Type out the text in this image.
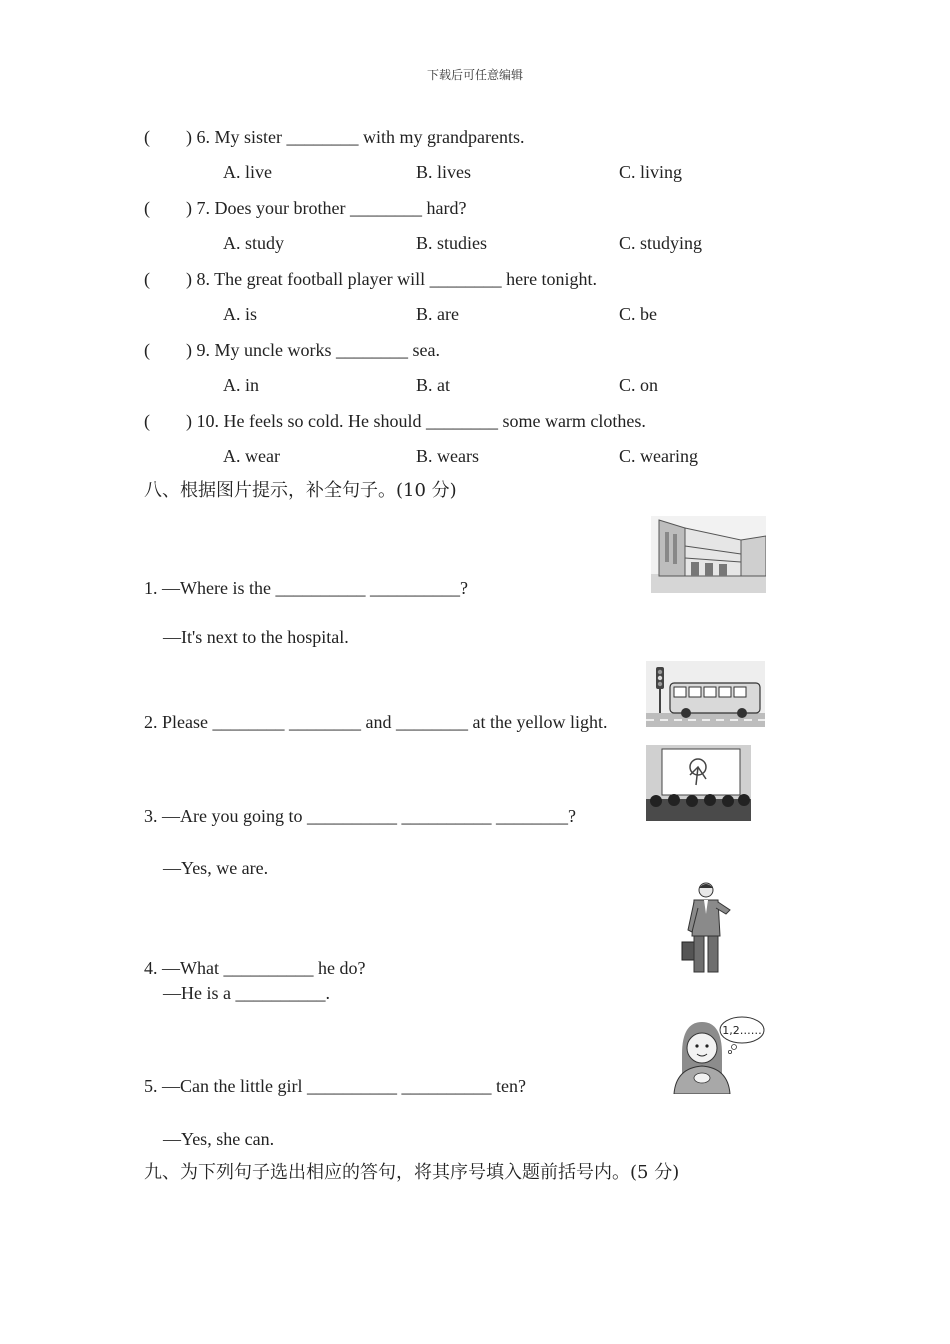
下载后可任意编辑
(        ) 6. My sister ________ with my grandparents.
A. live	B. lives	C. living
(        ) 7. Does your brother ________ hard?
A. study	B. studies	C. studying
(        ) 8. The great football player will ________ here tonight.
A. is	B. are	C. be
(        ) 9. My uncle works ________ sea.
A. in	B. at	C. on
(        ) 10. He feels so cold. He should ________ some warm clothes.
A. wear	B. wears	C. wearing
八、根据图片提示，补全句子。(10 分)
1. —Where is the __________ __________?
—It's next to the hospital.
2. Please ________ ________ and ________ at the yellow light.
3. —Are you going to __________ __________ ________?
—Yes, we are.
4. —What __________ he do?
—He is a __________.
5. —Can the little girl __________ __________ ten?
—Yes, she can.
九、为下列句子选出相应的答句，将其序号填入题前括号内。(5 分)
1,2……
